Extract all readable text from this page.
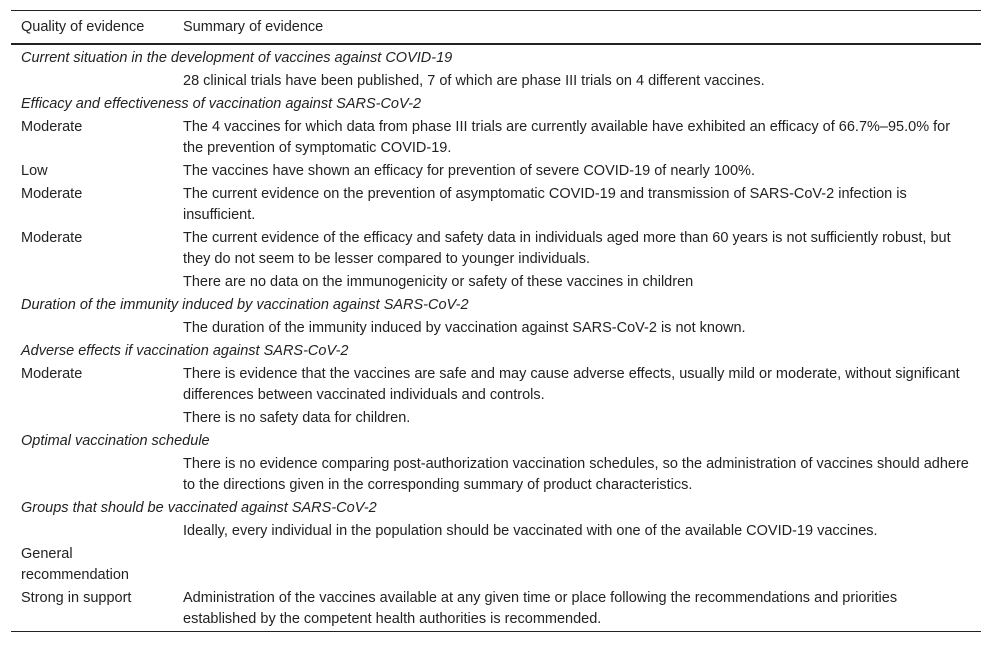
Quality of evidence	Summary of evidence
Current situation in the development of vaccines against COVID-19	
	28 clinical trials have been published, 7 of which are phase III trials on 4 different vaccines.
Efficacy and effectiveness of vaccination against SARS-CoV-2	
Moderate	The 4 vaccines for which data from phase III trials are currently available have exhibited an efficacy of 66.7%–95.0% for the prevention of symptomatic COVID-19.
Low	The vaccines have shown an efficacy for prevention of severe COVID-19 of nearly 100%.
Moderate	The current evidence on the prevention of asymptomatic COVID-19 and transmission of SARS-CoV-2 infection is insufficient.
Moderate	The current evidence of the efficacy and safety data in individuals aged more than 60 years is not sufficiently robust, but they do not seem to be lesser compared to younger individuals.
	There are no data on the immunogenicity or safety of these vaccines in children
Duration of the immunity induced by vaccination against SARS-CoV-2	
	The duration of the immunity induced by vaccination against SARS-CoV-2 is not known.
Adverse effects if vaccination against SARS-CoV-2	
Moderate	There is evidence that the vaccines are safe and may cause adverse effects, usually mild or moderate, without significant differences between vaccinated individuals and controls.
	There is no safety data for children.
Optimal vaccination schedule	
	There is no evidence comparing post-authorization vaccination schedules, so the administration of vaccines should adhere to the directions given in the corresponding summary of product characteristics.
Groups that should be vaccinated against SARS-CoV-2	
	Ideally, every individual in the population should be vaccinated with one of the available COVID-19 vaccines.
General recommendation	
Strong in support	Administration of the vaccines available at any given time or place following the recommendations and priorities established by the competent health authorities is recommended.
